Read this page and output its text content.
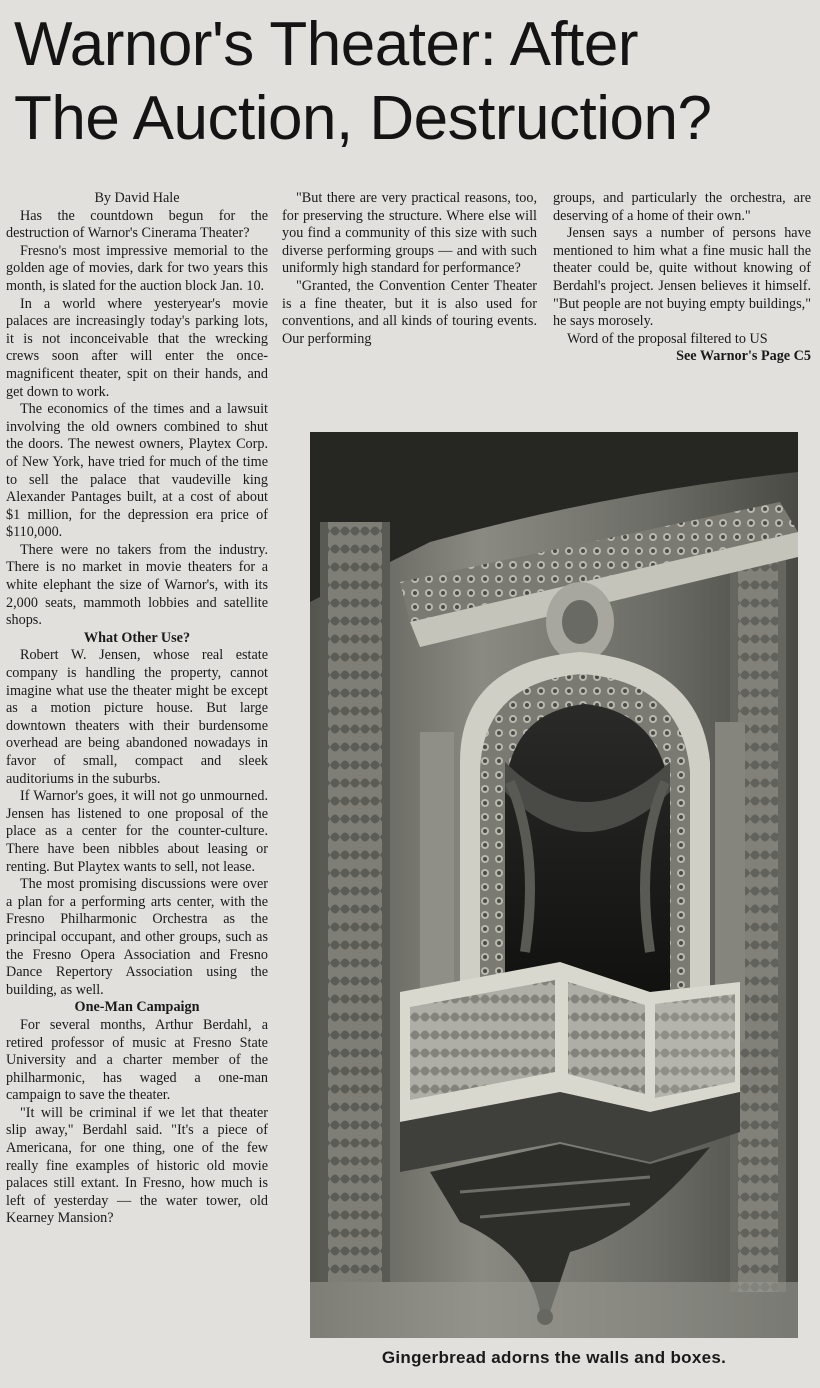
Warnor's Theater: After
The Auction, Destruction?

By David Hale

Has the countdown begun for the destruction of Warnor's Cinerama Theater?

Fresno's most impressive memorial to the golden age of movies, dark for two years this month, is slated for the auction block Jan. 10.

In a world where yesteryear's movie palaces are increasingly today's parking lots, it is not inconceivable that the wrecking crews soon after will enter the once-magnificent theater, spit on their hands, and get down to work.

The economics of the times and a lawsuit involving the old owners combined to shut the doors. The newest owners, Playtex Corp. of New York, have tried for much of the time to sell the palace that vaudeville king Alexander Pantages built, at a cost of about $1 million, for the depression era price of $110,000.

There were no takers from the industry. There is no market in movie theaters for a white elephant the size of Warnor's, with its 2,000 seats, mammoth lobbies and satellite shops.

What Other Use?

Robert W. Jensen, whose real estate company is handling the property, cannot imagine what use the theater might be except as a motion picture house. But large downtown theaters with their burdensome overhead are being abandoned nowadays in favor of small, compact and sleek auditoriums in the suburbs.

If Warnor's goes, it will not go unmourned. Jensen has listened to one proposal of the place as a center for the counter-culture. There have been nibbles about leasing or renting. But Playtex wants to sell, not lease.

The most promising discussions were over a plan for a performing arts center, with the Fresno Philharmonic Orchestra as the principal occupant, and other groups, such as the Fresno Opera Association and Fresno Dance Repertory Association using the building, as well.

One-Man Campaign

For several months, Arthur Berdahl, a retired professor of music at Fresno State University and a charter member of the philharmonic, has waged a one-man campaign to save the theater.

"It will be criminal if we let that theater slip away," Berdahl said. "It's a piece of Americana, for one thing, one of the few really fine examples of historic old movie palaces still extant. In Fresno, how much is left of yesterday — the water tower, old Kearney Mansion?

"But there are very practical reasons, too, for preserving the structure. Where else will you find a community of this size with such diverse performing groups — and with such uniformly high standard for performance?

"Granted, the Convention Center Theater is a fine theater, but it is also used for conventions, and all kinds of touring events. Our performing

groups, and particularly the orchestra, are deserving of a home of their own."

Jensen says a number of persons have mentioned to him what a fine music hall the theater could be, quite without knowing of Berdahl's project. Jensen believes it himself. "But people are not buying empty buildings," he says morosely.

Word of the proposal filtered to US

See Warnor's Page C5

Gingerbread adorns the walls and boxes.
